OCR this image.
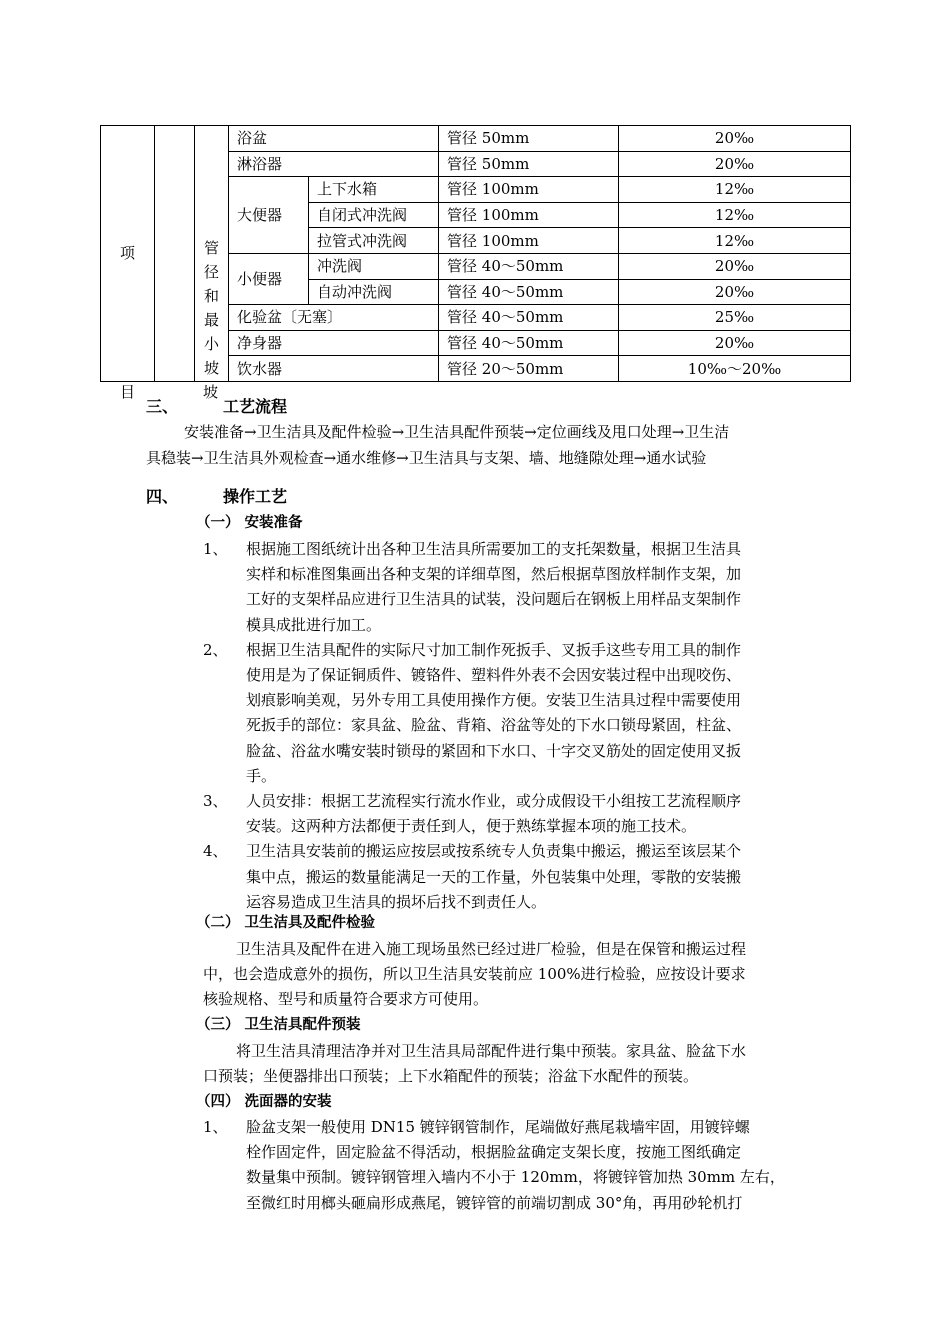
项		管径和最小坡	浴盆		管径 50mm	20‰
			淋浴器		管径 50mm	20‰
			大便器	上下水箱	管径 100mm	12‰
				自闭式冲洗阀	管径 100mm	12‰
				拉管式冲洗阀	管径 100mm	12‰
			小便器	冲洗阀	管径 40～50mm	20‰
				自动冲洗阀	管径 40～50mm	20‰
			化验盆〔无塞〕		管径 40～50mm	25‰
			净身器		管径 40～50mm	20‰
			饮水器		管径 20～50mm	10‰～20‰
目	坡
三、	工艺流程
安装准备→卫生洁具及配件检验→卫生洁具配件预装→定位画线及甩口处理→卫生洁
具稳装→卫生洁具外观检查→通水维修→卫生洁具与支架、墙、地缝隙处理→通水试验
四、	操作工艺
（一） 安装准备
1、 根据施工图纸统计出各种卫生洁具所需要加工的支托架数量，根据卫生洁具
实样和标准图集画出各种支架的详细草图，然后根据草图放样制作支架，加
工好的支架样品应进行卫生洁具的试装，没问题后在钢板上用样品支架制作
模具成批进行加工。
2、 根据卫生洁具配件的实际尺寸加工制作死扳手、叉扳手这些专用工具的制作
使用是为了保证铜质件、镀铬件、塑料件外表不会因安装过程中出现咬伤、
划痕影响美观，另外专用工具使用操作方便。安装卫生洁具过程中需要使用
死扳手的部位：家具盆、脸盆、背箱、浴盆等处的下水口锁母紧固，柱盆、
脸盆、浴盆水嘴安装时锁母的紧固和下水口、十字交叉筋处的固定使用叉扳
手。
3、 人员安排：根据工艺流程实行流水作业，或分成假设干小组按工艺流程顺序
安装。这两种方法都便于责任到人，便于熟练掌握本项的施工技术。
4、 卫生洁具安装前的搬运应按层或按系统专人负责集中搬运，搬运至该层某个
集中点，搬运的数量能满足一天的工作量，外包装集中处理，零散的安装搬
运容易造成卫生洁具的损坏后找不到责任人。
（二） 卫生洁具及配件检验
卫生洁具及配件在进入施工现场虽然已经过进厂检验，但是在保管和搬运过程
中，也会造成意外的损伤，所以卫生洁具安装前应 100%进行检验，应按设计要求
核验规格、型号和质量符合要求方可使用。
（三） 卫生洁具配件预装
将卫生洁具清理洁净并对卫生洁具局部配件进行集中预装。家具盆、脸盆下水
口预装；坐便器排出口预装；上下水箱配件的预装；浴盆下水配件的预装。
（四） 洗面器的安装
1、 脸盆支架一般使用 DN15 镀锌钢管制作，尾端做好燕尾栽墙牢固，用镀锌螺
栓作固定件，固定脸盆不得活动，根据脸盆确定支架长度，按施工图纸确定
数量集中预制。镀锌钢管埋入墙内不小于 120mm，将镀锌管加热 30mm 左右，
至微红时用榔头砸扁形成燕尾，镀锌管的前端切割成 30°角，再用砂轮机打
